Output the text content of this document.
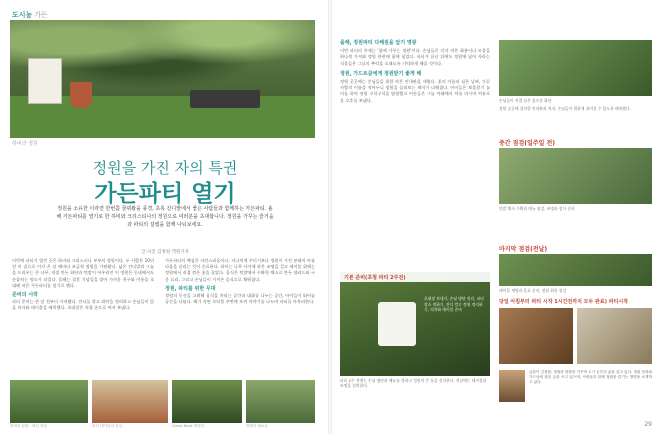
도시농 가든
하비의 정원
정원을 가진 자의 특권
가든파티 열기
정원을 소유한 이라면 한번쯤 꿈꿔봤을 풍경, 초록 잔디밭에서 좋은 사람들과 함께하는 가든파티. 올해 가든파티를 열기로 한 하비와 크리스티나의 정원으로 여러분을 초대합니다. 정원을 가꾸는 즐거움과 파티의 설렘을 함께 나눠보세요.
글·사진 김정원 객원기자
이번에 파티가 열린 곳은 하비와 크리스티나 부부의 정원이다. 두 사람은 10년 전 이 집으로 이사 온 뒤 해마다 조금씩 정원을 가꿔왔다. 넓은 잔디밭과 그늘을 드리우는 큰 나무, 직접 만든 화단과 텃밭이 어우러진 이 정원은 동네에서도 손꼽히는 명소가 되었다. 올해는 결혼 기념일을 맞아 가까운 친구와 이웃을 초대해 작은 가든파티를 열기로 했다.
준비의 시작
파티 준비는 한 달 전부터 시작됐다. 잔디를 깎고 화단을 정리하고 손님들이 앉을 의자와 테이블을 배치했다. 초대장은 직접 손으로 써서 보냈다.
가든파티의 핵심은 자연스러움이다. 지나치게 꾸미기보다 정원이 가진 본래의 아름다움을 살리는 것이 중요하다. 하비는 나무 사이에 작은 조명을 걸고 테이블 위에는 정원에서 직접 꺾은 꽃을 꽂았다. 음식은 텃밭에서 수확한 채소로 만든 샐러드와 구운 요리, 그리고 손님들이 가져온 음식으로 채워졌다.
정원, 파티를 위한 무대
정원의 동선을 고려해 음식을 차리는 공간과 대화를 나누는 공간, 아이들이 뛰어놀 공간을 나눴다. 해가 지면 모닥불 주변에 모여 이야기를 나누며 파티를 마무리한다.
하비의 꽃밭 · 파티 전날	파티 테이블의 과일	Guest Book 방명록	텃밭의 채소들
올해, 정원파티 다해질을 앞기 영광

이번 파티의 주제는 '함께 가꾸는 정원'이다. 손님들은 각자 작은 화분이나 모종을 하나씩 가져와 정원 한편에 함께 심었다. 파티가 끝난 뒤에도 정원에 남아 자라는 식물들은 그날의 추억을 오래도록 기억하게 해줄 것이다.

정원, 가드트클에게 정원받기 좋게 해

정원 곳곳에는 손님들을 위한 작은 안내판을 세웠다. 꽃의 이름과 심은 날짜, 가꾼 사람의 이름을 적어두니 정원을 둘러보는 재미가 더해졌다. 아이들은 보물찾기 놀이를 하며 정원 구석구석을 탐험했고 어른들은 그늘 아래에서 차를 마시며 여유로운 오후를 보냈다.

기본 준비(초청 파티 2주전)
초대장 보내기, 손님 명단 정리, 파티 장소 정하기, 잔디 깎고 정원 정리하기, 의자와 테이블 준비
파티 2주 전에는 손님 명단과 메뉴를 정하고 정원의 큰 틀을 정리한다. 전날에는 테이블과 조명을 설치한다.
손님들이 직접 심은 꽃모종 화단
정원 곳곳에 설치한 안내판과 의자, 손님들이 편하게 쉬어갈 수 있도록 배치했다.
중간 점검(일주일 전)
텃밭 채소 수확과 메뉴 점검, 조명과 장식 준비
마지막 점검(전날)
테이블 세팅과 음료 준비, 정원 최종 점검
당일 아침부터 파티 시작 1시간전까지 모두 완료) 파티시작
글쓴이 김정원. 정원과 텃밭을 가꾸며 도시 농부의 삶을 살고 있다. 정원 문화와 가드닝에 관한 글을 쓰고 있으며, 사람들과 함께 정원을 즐기는 방법을 소개하고 있다.
29
